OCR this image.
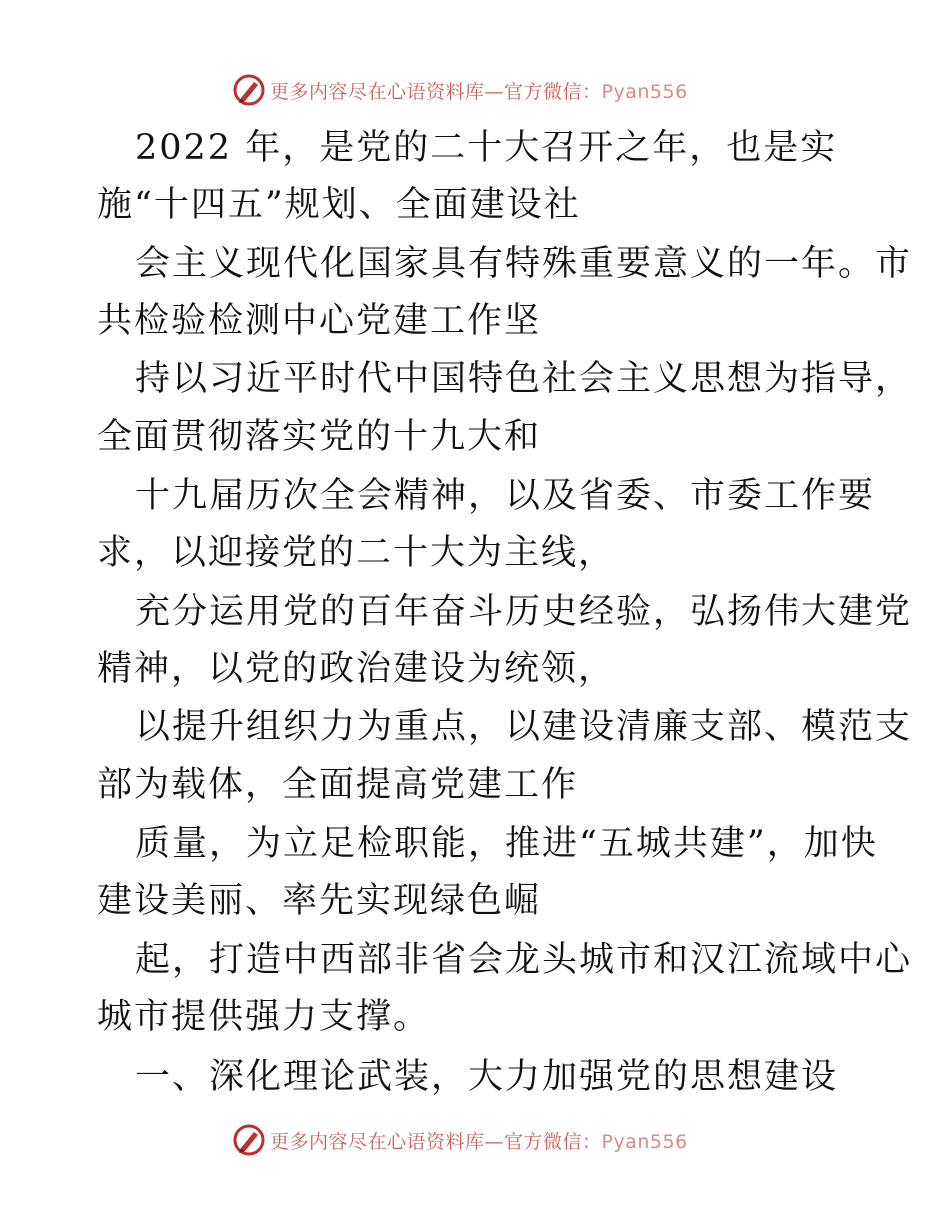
更多内容尽在心语资料库—官方微信：Pyan556
2022 年，是党的二十大召开之年，也是实
施“十四五”规划、全面建设社
会主义现代化国家具有特殊重要意义的一年。市
共检验检测中心党建工作坚
持以习近平时代中国特色社会主义思想为指导，
全面贯彻落实党的十九大和
十九届历次全会精神，以及省委、市委工作要
求，以迎接党的二十大为主线，
充分运用党的百年奋斗历史经验，弘扬伟大建党
精神，以党的政治建设为统领，
以提升组织力为重点，以建设清廉支部、模范支
部为载体，全面提高党建工作
质量，为立足检职能，推进“五城共建”，加快
建设美丽、率先实现绿色崛
起，打造中西部非省会龙头城市和汉江流域中心
城市提供强力支撑。
一、深化理论武装，大力加强党的思想建设
更多内容尽在心语资料库—官方微信：Pyan556
